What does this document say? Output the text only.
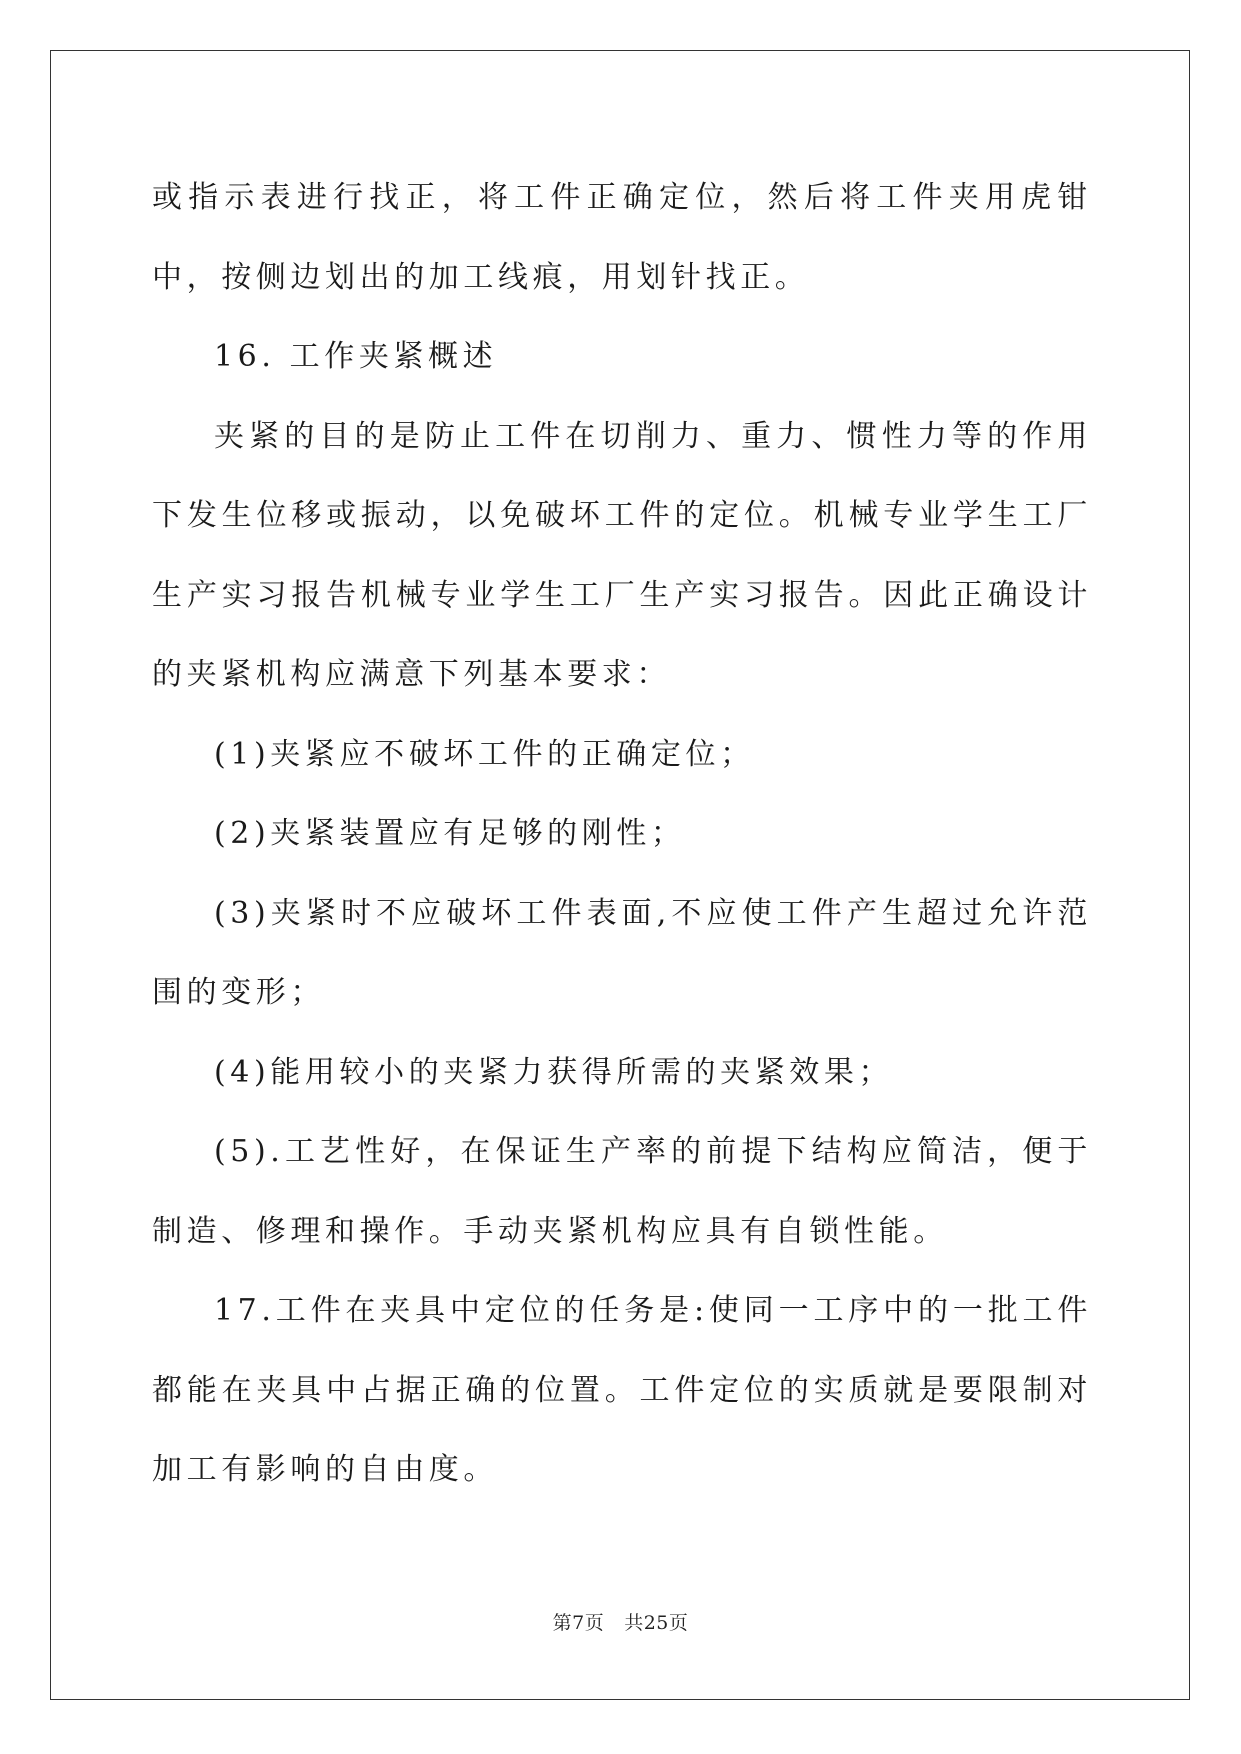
或指示表进行找正，将工件正确定位，然后将工件夹用虎钳中，按侧边划出的加工线痕，用划针找正。

16. 工作夹紧概述

夹紧的目的是防止工件在切削力、重力、惯性力等的作用下发生位移或振动，以免破坏工件的定位。机械专业学生工厂生产实习报告机械专业学生工厂生产实习报告。因此正确设计的夹紧机构应满意下列基本要求：

(1)夹紧应不破坏工件的正确定位；

(2)夹紧装置应有足够的刚性；

(3)夹紧时不应破坏工件表面,不应使工件产生超过允许范围的变形；

(4)能用较小的夹紧力获得所需的夹紧效果；

(5).工艺性好，在保证生产率的前提下结构应简洁，便于制造、修理和操作。手动夹紧机构应具有自锁性能。

17.工件在夹具中定位的任务是:使同一工序中的一批工件都能在夹具中占据正确的位置。工件定位的实质就是要限制对加工有影响的自由度。

第7页 共25页
